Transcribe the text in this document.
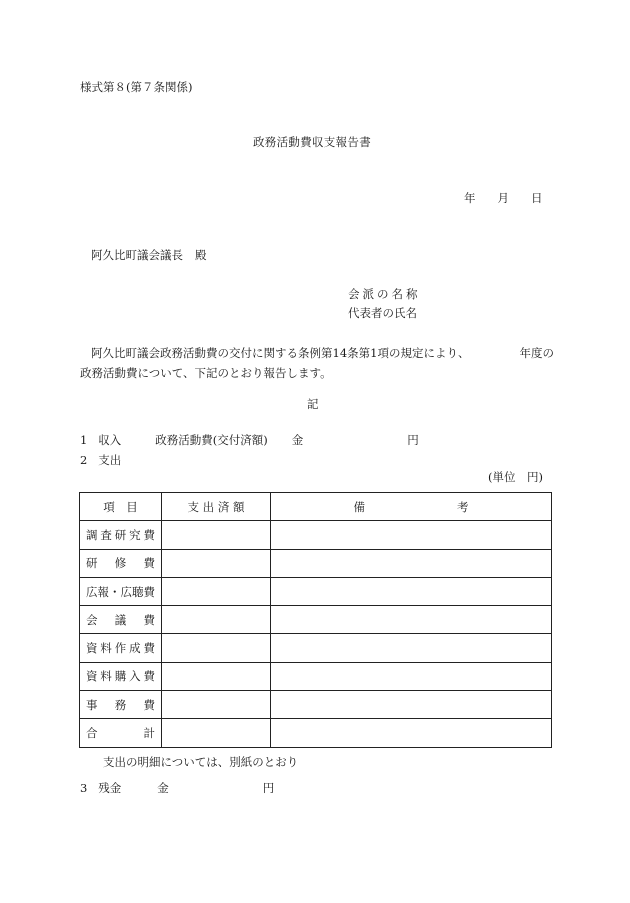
様式第８(第７条関係)
政務活動費収支報告書
年 月 日
阿久比町議会議長 殿
会派の名称
代表者の氏名
阿久比町議会政務活動費の交付に関する条例第14条第1項の規定により、	年度の政務活動費について、下記のとおり報告します。
記
1 収入	政務活動費(交付済額) 金	円
2 支出
(単位　円)
項　目	支 出 済 額	備　　　　　　　　考
調査研究費		
研修費		
広報・広聴費		
会議費		
資料作成費		
資料購入費		
事務費		
合計		
支出の明細については、別紙のとおり
3 残金	金	円
